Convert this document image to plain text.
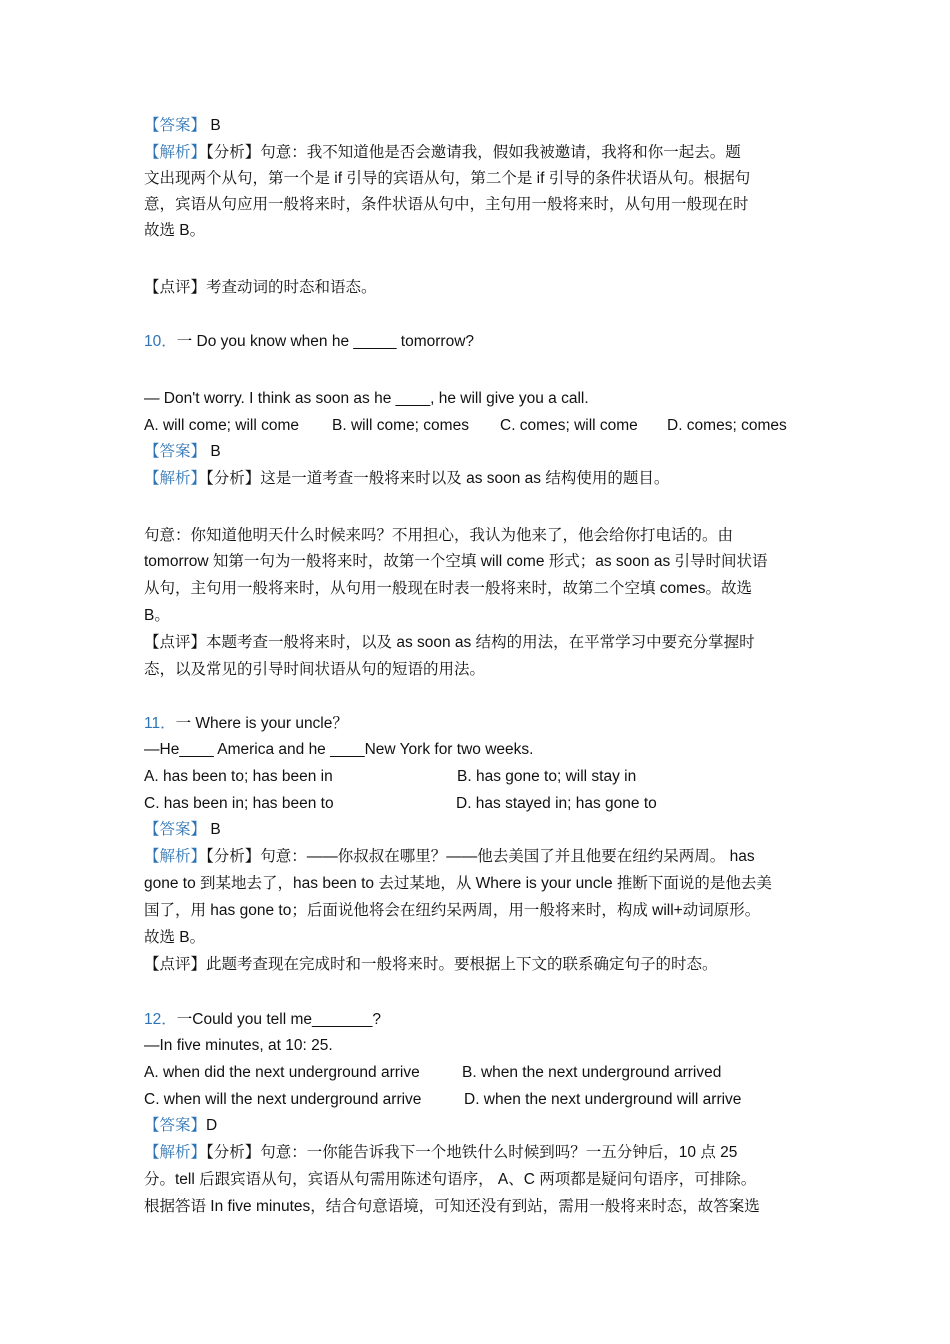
【答案】 B
【解析】【分析】句意：我不知道他是否会邀请我，假如我被邀请，我将和你一起去。题
文出现两个从句，第一个是 if 引导的宾语从句，第二个是 if 引导的条件状语从句。根据句
意，宾语从句应用一般将来时，条件状语从句中，主句用一般将来时，从句用一般现在时
故选 B。
【点评】考查动词的时态和语态。
10．一 Do you know when he _____ tomorrow?
— Don't worry. I think as soon as he ____, he will give you a call.
A. will come; will come B. will come; comes C. comes; will come D. comes; comes
【答案】 B
【解析】【分析】这是一道考查一般将来时以及 as soon as 结构使用的题目。
句意：你知道他明天什么时候来吗？不用担心，我认为他来了，他会给你打电话的。由
tomorrow 知第一句为一般将来时，故第一个空填 will come 形式；as soon as 引导时间状语
从句，主句用一般将来时，从句用一般现在时表一般将来时，故第二个空填 comes。故选
B。
【点评】本题考查一般将来时，以及 as soon as 结构的用法，在平常学习中要充分掌握时
态，以及常见的引导时间状语从句的短语的用法。
11．一 Where is your uncle？
—He____ America and he ____New York for two weeks.
A. has been to; has been in	B. has gone to; will stay in
C. has been in; has been to	D. has stayed in; has gone to
【答案】 B
【解析】【分析】句意：——你叔叔在哪里？——他去美国了并且他要在纽约呆两周。 has
gone to 到某地去了，has been to 去过某地，从 Where is your uncle 推断下面说的是他去美
国了，用 has gone to；后面说他将会在纽约呆两周，用一般将来时，构成 will+动词原形。
故选 B。
【点评】此题考查现在完成时和一般将来时。要根据上下文的联系确定句子的时态。
12．一Could you tell me_______?
—In five minutes, at 10: 25.
A. when did the next underground arrive	B. when the next underground arrived
C. when will the next underground arrive	D. when the next underground will arrive
【答案】D
【解析】【分析】句意：一你能告诉我下一个地铁什么时候到吗？一五分钟后，10 点 25
分。tell 后跟宾语从句，宾语从句需用陈述句语序， A、C 两项都是疑问句语序，可排除。
根据答语 In five minutes，结合句意语境，可知还没有到站，需用一般将来时态，故答案选
